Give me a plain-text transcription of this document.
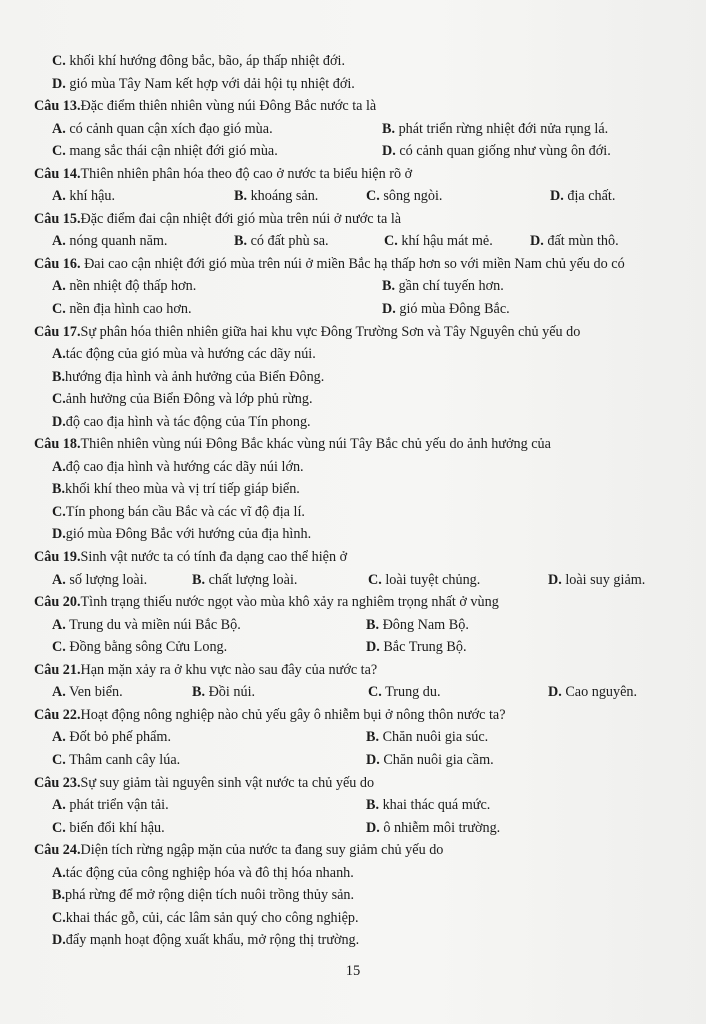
C. khối khí hướng đông bắc, bão, áp thấp nhiệt đới.
D. gió mùa Tây Nam kết hợp với dải hội tụ nhiệt đới.
Câu 13. Đặc điểm thiên nhiên vùng núi Đông Bắc nước ta là
A. có cảnh quan cận xích đạo gió mùa.	B. phát triển rừng nhiệt đới nửa rụng lá.
C. mang sắc thái cận nhiệt đới gió mùa.	D. có cảnh quan giống như vùng ôn đới.
Câu 14. Thiên nhiên phân hóa theo độ cao ở nước ta biểu hiện rõ ở
A. khí hậu.	B. khoáng sản.	C. sông ngòi.	D. địa chất.
Câu 15. Đặc điểm đai cận nhiệt đới gió mùa trên núi ở nước ta là
A. nóng quanh năm.	B. có đất phù sa.	C. khí hậu mát mẻ.	D. đất mùn thô.
Câu 16. Đai cao cận nhiệt đới gió mùa trên núi ở miền Bắc hạ thấp hơn so với miền Nam chủ yếu do có
A. nền nhiệt độ thấp hơn.	B. gần chí tuyến hơn.
C. nền địa hình cao hơn.	D. gió mùa Đông Bắc.
Câu 17. Sự phân hóa thiên nhiên giữa hai khu vực Đông Trường Sơn và Tây Nguyên chủ yếu do
A. tác động của gió mùa và hướng các dãy núi.
B. hướng địa hình và ảnh hưởng của Biển Đông.
C. ảnh hưởng của Biển Đông và lớp phủ rừng.
D. độ cao địa hình và tác động của Tín phong.
Câu 18. Thiên nhiên vùng núi Đông Bắc khác vùng núi Tây Bắc chủ yếu do ảnh hưởng của
A. độ cao địa hình và hướng các dãy núi lớn.
B. khối khí theo mùa và vị trí tiếp giáp biển.
C. Tín phong bán cầu Bắc và các vĩ độ địa lí.
D. gió mùa Đông Bắc với hướng của địa hình.
Câu 19. Sinh vật nước ta có tính đa dạng cao thể hiện ở
A. số lượng loài.	B. chất lượng loài.	C. loài tuyệt chủng.	D. loài suy giảm.
Câu 20. Tình trạng thiếu nước ngọt vào mùa khô xảy ra nghiêm trọng nhất ở vùng
A. Trung du và miền núi Bắc Bộ.	B. Đông Nam Bộ.
C. Đồng bằng sông Cửu Long.	D. Bắc Trung Bộ.
Câu 21. Hạn mặn xảy ra ở khu vực nào sau đây của nước ta?
A. Ven biển.	B. Đồi núi.	C. Trung du.	D. Cao nguyên.
Câu 22. Hoạt động nông nghiệp nào chủ yếu gây ô nhiễm bụi ở nông thôn nước ta?
A. Đốt bỏ phế phẩm.	B. Chăn nuôi gia súc.
C. Thâm canh cây lúa.	D. Chăn nuôi gia cầm.
Câu 23. Sự suy giảm tài nguyên sinh vật nước ta chủ yếu do
A. phát triển vận tải.	B. khai thác quá mức.
C. biến đổi khí hậu.	D. ô nhiễm môi trường.
Câu 24. Diện tích rừng ngập mặn của nước ta đang suy giảm chủ yếu do
A. tác động của công nghiệp hóa và đô thị hóa nhanh.
B. phá rừng để mở rộng diện tích nuôi trồng thủy sản.
C. khai thác gỗ, củi, các lâm sản quý cho công nghiệp.
D. đẩy mạnh hoạt động xuất khẩu, mở rộng thị trường.
15
